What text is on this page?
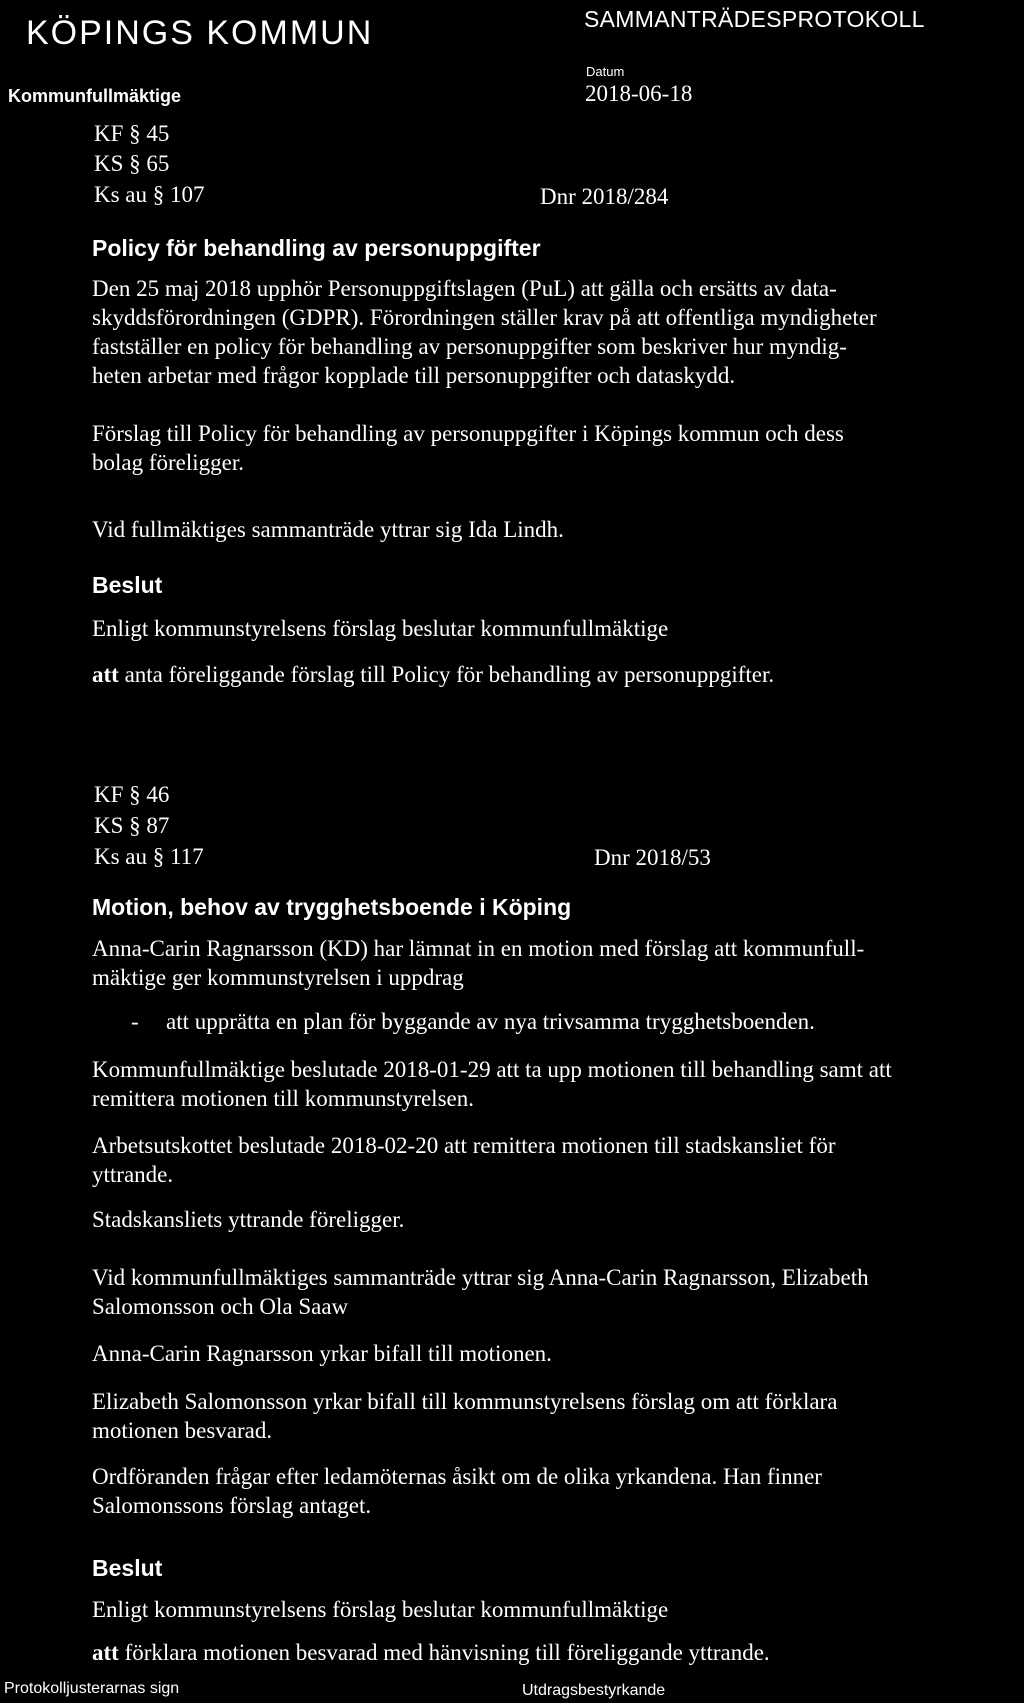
KÖPINGS KOMMUN	SAMMANTRÄDESPROTOKOLL
Kommunfullmäktige
Datum
2018-06-18
KF § 45
KS § 65
Ks au § 107	Dnr 2018/284
Policy för behandling av personuppgifter
Den 25 maj 2018 upphör Personuppgiftslagen (PuL) att gälla och ersätts av data-
skyddsförordningen (GDPR). Förordningen ställer krav på att offentliga myndigheter
fastställer en policy för behandling av personuppgifter som beskriver hur myndig-
heten arbetar med frågor kopplade till personuppgifter och dataskydd.
Förslag till Policy för behandling av personuppgifter i Köpings kommun och dess
bolag föreligger.
Vid fullmäktiges sammanträde yttrar sig Ida Lindh.
Beslut
Enligt kommunstyrelsens förslag beslutar kommunfullmäktige
att anta föreliggande förslag till Policy för behandling av personuppgifter.
KF § 46
KS § 87
Ks au § 117	Dnr 2018/53
Motion, behov av trygghetsboende i Köping
Anna-Carin Ragnarsson (KD) har lämnat in en motion med förslag att kommunfull-
mäktige ger kommunstyrelsen i uppdrag
- att upprätta en plan för byggande av nya trivsamma trygghetsboenden.
Kommunfullmäktige beslutade 2018-01-29 att ta upp motionen till behandling samt att
remittera motionen till kommunstyrelsen.
Arbetsutskottet beslutade 2018-02-20 att remittera motionen till stadskansliet för
yttrande.
Stadskansliets yttrande föreligger.
Vid kommunfullmäktiges sammanträde yttrar sig Anna-Carin Ragnarsson, Elizabeth
Salomonsson och Ola Saaw
Anna-Carin Ragnarsson yrkar bifall till motionen.
Elizabeth Salomonsson yrkar bifall till kommunstyrelsens förslag om att förklara
motionen besvarad.
Ordföranden frågar efter ledamöternas åsikt om de olika yrkandena. Han finner
Salomonssons förslag antaget.
Beslut
Enligt kommunstyrelsens förslag beslutar kommunfullmäktige
att förklara motionen besvarad med hänvisning till föreliggande yttrande.
Protokolljusterarnas sign	Utdragsbestyrkande
